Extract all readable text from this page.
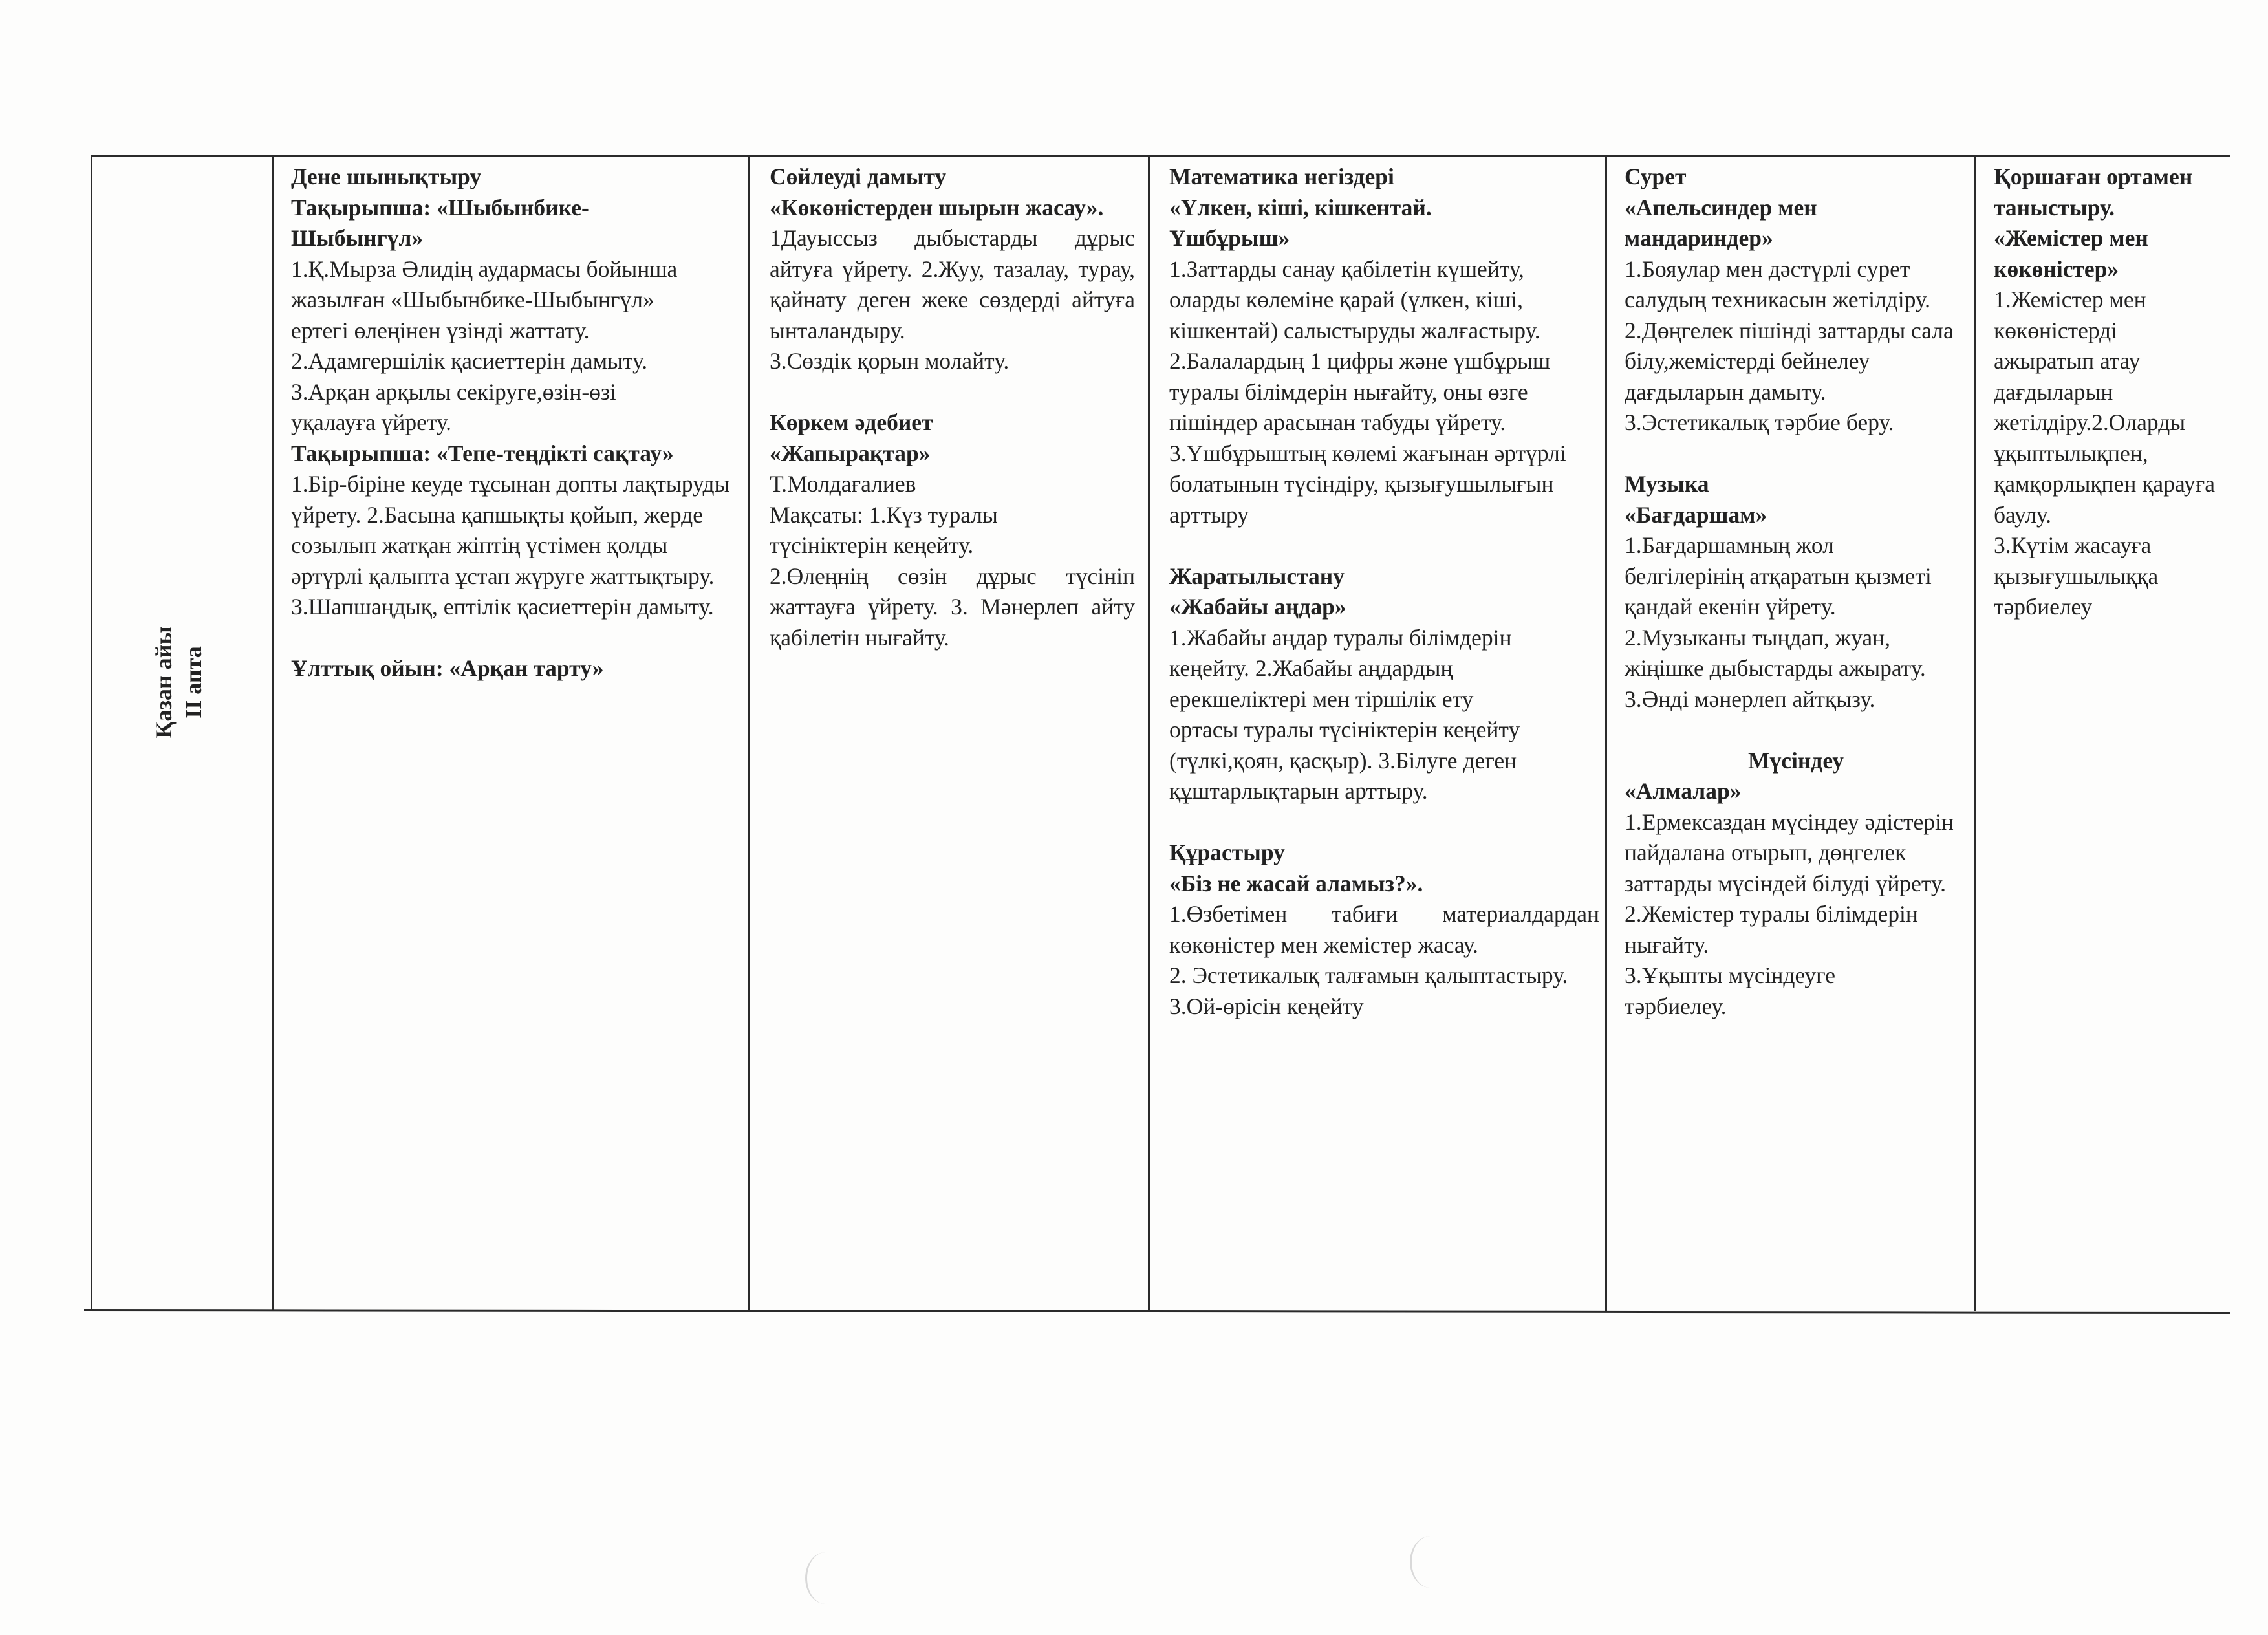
Қазан айы ІІ апта

Дене шынықтыру

Тақырыпша: «Шыбынбике-Шыбынгүл»

1.Қ.Мырза Әлидің аудармасы бойынша жазылған «Шыбынбике-Шыбынгүл» ертегі өлеңінен үзінді жаттату.

2.Адамгершілік қасиеттерін дамыту.

3.Арқан арқылы секіруге,өзін-өзі уқалауға үйрету.

Тақырыпша: «Тепе-теңдікті сақтау»

1.Бір-біріне кеуде тұсынан допты лақтыруды үйрету. 2.Басына қапшықты қойып, жерде созылып жатқан жіптің үстімен қолды әртүрлі қалыпта ұстап жүруге жаттықтыру.

3.Шапшаңдық, ептілік қасиеттерін дамыту.

Ұлттық ойын: «Арқан тарту»

Сөйлеуді дамыту

«Көкөністерден шырын жасау».

1Дауыссыз дыбыстарды дұрыс айтуға үйрету. 2.Жуу, тазалау, турау, қайнату деген жеке сөздерді айтуға ынталандыру.

3.Сөздік қорын молайту.

Көркем әдебиет

«Жапырақтар»

Т.Молдағалиев

Мақсаты: 1.Күз туралы түсініктерін кеңейту.

2.Өлеңнің сөзін дұрыс түсініп жаттауға үйрету. 3. Мәнерлеп айту қабілетін нығайту.

Математика негіздері

«Үлкен, кіші, кішкентай. Үшбұрыш»

1.Заттарды санау қабілетін күшейту, оларды көлеміне қарай (үлкен, кіші, кішкентай) салыстыруды жалғастыру. 2.Балалардың 1 цифры және үшбұрыш туралы білімдерін нығайту, оны өзге пішіндер арасынан табуды үйрету.

3.Үшбұрыштың көлемі жағынан әртүрлі болатынын түсіндіру, қызығушылығын арттыру

Жаратылыстану

«Жабайы аңдар»

1.Жабайы аңдар туралы білімдерін кеңейту. 2.Жабайы аңдардың ерекшеліктері мен тіршілік ету ортасы туралы түсініктерін кеңейту (түлкі,қоян, қасқыр). 3.Білуге деген құштарлықтарын арттыру.

Құрастыру

«Біз не жасай аламыз?».

1.Өзбетімен табиғи материалдардан көкөністер мен жемістер жасау.

2. Эстетикалық талғамын қалыптастыру. 3.Ой-өрісін кеңейту

Сурет

«Апельсиндер мен мандариндер»

1.Бояулар мен дәстүрлі сурет салудың техникасын жетілдіру. 2.Дөңгелек пішінді заттарды сала білу,жемістерді бейнелеу дағдыларын дамыту.

3.Эстетикалық тәрбие беру.

Музыка

«Бағдаршам»

1.Бағдаршамның жол белгілерінің атқаратын қызметі қандай екенін үйрету. 2.Музыканы тыңдап, жуан, жіңішке дыбыстарды ажырату. 3.Әнді мәнерлеп айтқызу.

Мүсіндеу

«Алмалар»

1.Ермексаздан мүсіндеу әдістерін пайдалана отырып, дөңгелек заттарды мүсіндей білуді үйрету. 2.Жемістер туралы білімдерін нығайту.

3.Ұқыпты мүсіндеуге тәрбиелеу.

Қоршаған ортамен таныстыру.

«Жемістер мен көкөністер»

1.Жемістер мен көкөністерді ажыратып атау дағдыларын жетілдіру.2.Оларды ұқыптылықпен, қамқорлықпен қарауға баулу.

3.Күтім жасауға қызығушылыққа тәрбиелеу
